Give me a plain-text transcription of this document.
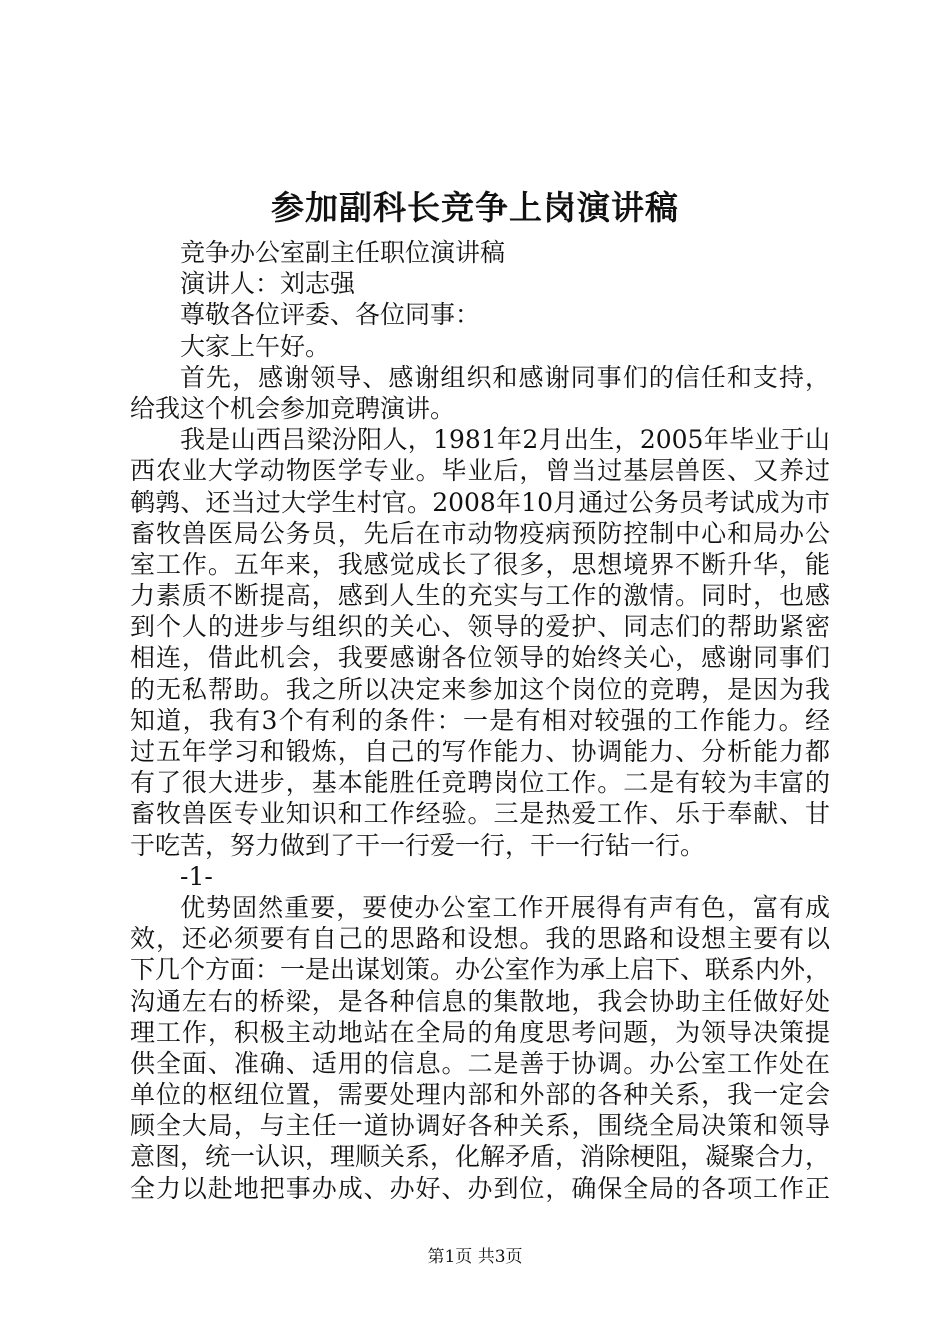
参加副科长竞争上岗演讲稿
竞争办公室副主任职位演讲稿
演讲人：刘志强
尊敬各位评委、各位同事：
大家上午好。
首先，感谢领导、感谢组织和感谢同事们的信任和支持，
给我这个机会参加竞聘演讲。
我是山西吕梁汾阳人，1981年2月出生，2005年毕业于山
西农业大学动物医学专业。毕业后，曾当过基层兽医、又养过
鹌鹑、还当过大学生村官。2008年10月通过公务员考试成为市
畜牧兽医局公务员，先后在市动物疫病预防控制中心和局办公
室工作。五年来，我感觉成长了很多，思想境界不断升华，能
力素质不断提高，感到人生的充实与工作的激情。同时，也感
到个人的进步与组织的关心、领导的爱护、同志们的帮助紧密
相连，借此机会，我要感谢各位领导的始终关心，感谢同事们
的无私帮助。我之所以决定来参加这个岗位的竞聘，是因为我
知道，我有3个有利的条件：一是有相对较强的工作能力。经
过五年学习和锻炼，自己的写作能力、协调能力、分析能力都
有了很大进步，基本能胜任竞聘岗位工作。二是有较为丰富的
畜牧兽医专业知识和工作经验。三是热爱工作、乐于奉献、甘
于吃苦，努力做到了干一行爱一行，干一行钻一行。
-1-
优势固然重要，要使办公室工作开展得有声有色，富有成
效，还必须要有自己的思路和设想。我的思路和设想主要有以
下几个方面：一是出谋划策。办公室作为承上启下、联系内外，
沟通左右的桥梁，是各种信息的集散地，我会协助主任做好处
理工作，积极主动地站在全局的角度思考问题，为领导决策提
供全面、准确、适用的信息。二是善于协调。办公室工作处在
单位的枢纽位置，需要处理内部和外部的各种关系，我一定会
顾全大局，与主任一道协调好各种关系，围绕全局决策和领导
意图，统一认识，理顺关系，化解矛盾，消除梗阻，凝聚合力，
全力以赴地把事办成、办好、办到位，确保全局的各项工作正
第1页 共3页
